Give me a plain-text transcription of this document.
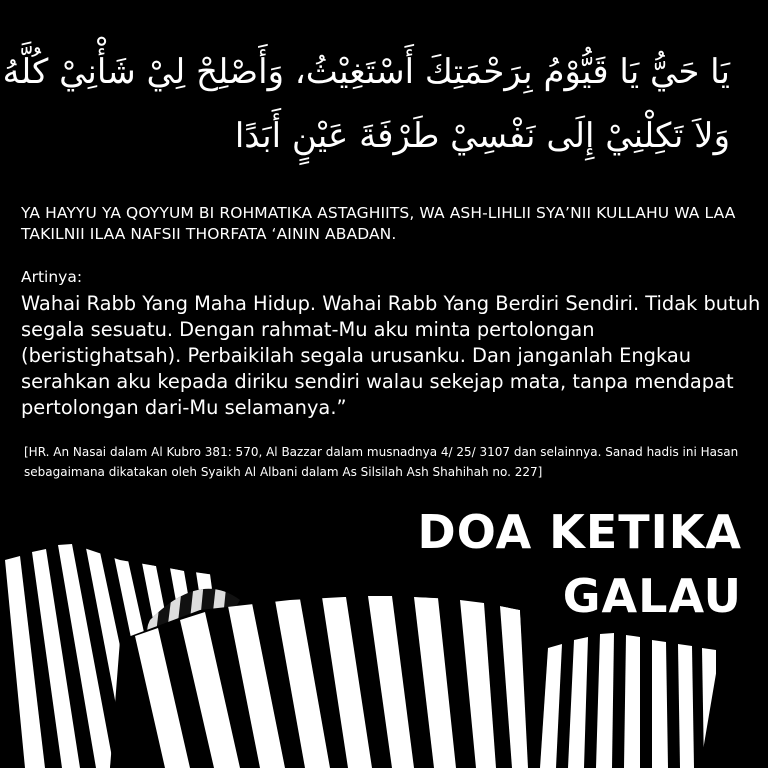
يَا حَيُّ يَا قَيُّوْمُ بِرَحْمَتِكَ أَسْتَغِيْثُ، وَأَصْلِحْ لِيْ شَأْنِيْ كُلَّهُ
وَلاَ تَكِلْنِيْ إِلَى نَفْسِيْ طَرْفَةَ عَيْنٍ أَبَدًا
YA HAYYU YA QOYYUM BI ROHMATIKA ASTAGHIITS, WA ASH-LIHLII SYA’NII KULLAHU WA LAA TAKILNII ILAA NAFSII THORFATA ‘AININ ABADAN.
Artinya:
Wahai Rabb Yang Maha Hidup. Wahai Rabb Yang Berdiri Sendiri. Tidak butuh segala sesuatu. Dengan rahmat-Mu aku minta pertolongan (beristighatsah). Perbaikilah segala urusanku. Dan janganlah Engkau serahkan aku kepada diriku sendiri walau sekejap mata, tanpa mendapat pertolongan dari-Mu selamanya.”
[HR. An Nasai dalam Al Kubro 381: 570, Al Bazzar dalam musnadnya 4/ 25/ 3107 dan selainnya. Sanad hadis ini Hasan sebagaimana dikatakan oleh Syaikh Al Albani dalam As Silsilah Ash Shahihah no. 227]
DOA KETIKA
GALAU
